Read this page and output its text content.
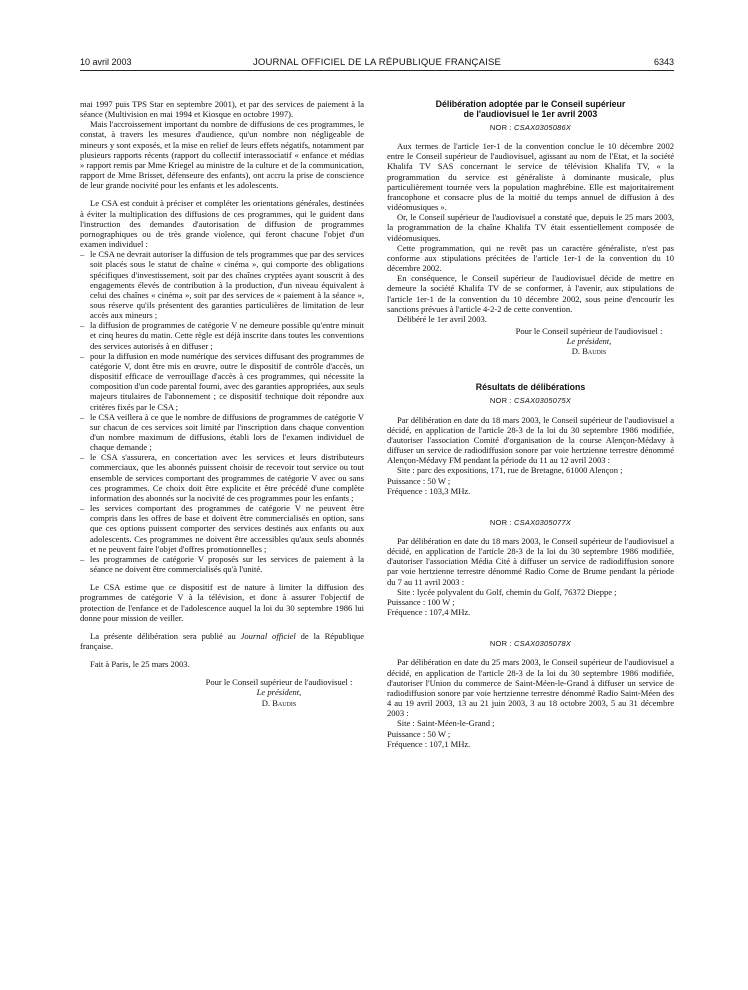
10 avril 2003	JOURNAL OFFICIEL DE LA RÉPUBLIQUE FRANÇAISE	6343

mai 1997 puis TPS Star en septembre 2001), et par des services de paiement à la séance (Multivision en mai 1994 et Kiosque en octobre 1997).

Mais l'accroissement important du nombre de diffusions de ces programmes, le constat, à travers les mesures d'audience, qu'un nombre non négligeable de mineurs y sont exposés, et la mise en relief de leurs effets négatifs, notamment par plusieurs rapports récents (rapport du collectif interassociatif « enfance et médias » rapport remis par Mme Kriegel au ministre de la culture et de la communication, rapport de Mme Brisset, défenseure des enfants), ont accru la prise de conscience de leur grande nocivité pour les enfants et les adolescents.

Le CSA est conduit à préciser et compléter les orientations générales, destinées à éviter la multiplication des diffusions de ces programmes, qui le guident dans l'instruction des demandes d'autorisation de diffusion de programmes pornographiques ou de très grande violence, qui feront chacune l'objet d'un examen individuel :

– le CSA ne devrait autoriser la diffusion de tels programmes que par des services soit placés sous le statut de chaîne « cinéma », qui comporte des obligations spécifiques d'investissement, soit par des chaînes cryptées ayant souscrit à des engagements élevés de contribution à la production, d'un niveau équivalent à celui des chaînes « cinéma », soit par des services de « paiement à la séance », sous réserve qu'ils présentent des garanties particulières de limitation de leur accès aux mineurs ;
– la diffusion de programmes de catégorie V ne demeure possible qu'entre minuit et cinq heures du matin. Cette règle est déjà inscrite dans toutes les conventions des services autorisés à en diffuser ;
– pour la diffusion en mode numérique des services diffusant des programmes de catégorie V, dont être mis en œuvre, outre le dispositif de contrôle d'accès, un dispositif efficace de verrouillage d'accès à ces programmes, qui nécessite la composition d'un code parental fourni, avec des garanties appropriées, aux seuls majeurs titulaires de l'abonnement ; ce dispositif technique doit répondre aux critères fixés par le CSA ;
– le CSA veillera à ce que le nombre de diffusions de programmes de catégorie V sur chacun de ces services soit limité par l'inscription dans chaque convention d'un nombre maximum de diffusions, établi lors de l'examen individuel de chaque demande ;
– le CSA s'assurera, en concertation avec les services et leurs distributeurs commerciaux, que les abonnés puissent choisir de recevoir tout service ou tout ensemble de services comportant des programmes de catégorie V avec ou sans ces programmes. Ce choix doit être explicite et être précédé d'une complète information des abonnés sur la nocivité de ces programmes pour les enfants ;
– les services comportant des programmes de catégorie V ne peuvent être compris dans les offres de base et doivent être commercialisés en option, sans que ces options puissent comporter des services destinés aux enfants ou aux adolescents. Ces programmes ne doivent être accessibles qu'aux seuls abonnés et ne peuvent faire l'objet d'offres promotionnelles ;
– les programmes de catégorie V proposés sur les services de paiement à la séance ne doivent être commercialisés qu'à l'unité.

Le CSA estime que ce dispositif est de nature à limiter la diffusion des programmes de catégorie V à la télévision, et donc à assurer l'objectif de protection de l'enfance et de l'adolescence auquel la loi du 30 septembre 1986 lui donne pour mission de veiller.

La présente délibération sera publié au Journal officiel de la République française.

Fait à Paris, le 25 mars 2003.

Pour le Conseil supérieur de l'audiovisuel :
Le président,
D. Baudis
Délibération adoptée par le Conseil supérieur
de l'audiovisuel le 1er avril 2003
NOR : CSAX0305086X

Aux termes de l'article 1er-1 de la convention conclue le 10 décembre 2002 entre le Conseil supérieur de l'audiovisuel, agissant au nom de l'Etat, et la société Khalifa TV SAS concernant le service de télévision Khalifa TV, « la programmation du service est généraliste à dominante musicale, plus particulièrement tournée vers la population maghrébine. Elle est majoritairement francophone et consacre plus de la moitié du temps annuel de diffusion à des vidéomusiques ».

Or, le Conseil supérieur de l'audiovisuel a constaté que, depuis le 25 mars 2003, la programmation de la chaîne Khalifa TV était essentiellement composée de vidéomusiques.

Cette programmation, qui ne revêt pas un caractère généraliste, n'est pas conforme aux stipulations précitées de l'article 1er-1 de la convention du 10 décembre 2002.

En conséquence, le Conseil supérieur de l'audiovisuel décide de mettre en demeure la société Khalifa TV de se conformer, à l'avenir, aux stipulations de l'article 1er-1 de la convention du 10 décembre 2002, sous peine d'encourir les sanctions prévues à l'article 4-2-2 de cette convention.

Délibéré le 1er avril 2003.

Pour le Conseil supérieur de l'audiovisuel :
Le président,
D. Baudis
Résultats de délibérations
NOR : CSAX0305075X

Par délibération en date du 18 mars 2003, le Conseil supérieur de l'audiovisuel a décidé, en application de l'article 28-3 de la loi du 30 septembre 1986 modifiée, d'autoriser l'association Comité d'organisation de la course Alençon-Médavy à diffuser un service de radiodiffusion sonore par voie hertzienne terrestre dénommé Alençon-Médavy FM pendant la période du 11 au 12 avril 2003 :

Site : parc des expositions, 171, rue de Bretagne, 61000 Alençon ;

Puissance : 50 W ;

Fréquence : 103,3 MHz.

NOR : CSAX0305077X

Par délibération en date du 18 mars 2003, le Conseil supérieur de l'audiovisuel a décidé, en application de l'article 28-3 de la loi du 30 septembre 1986 modifiée, d'autoriser l'association Média Cité à diffuser un service de radiodiffusion sonore par voie hertzienne terrestre dénommé Radio Corne de Brume pendant la période du 7 au 11 avril 2003 :

Site : lycée polyvalent du Golf, chemin du Golf, 76372 Dieppe ;

Puissance : 100 W ;

Fréquence : 107,4 MHz.

NOR : CSAX0305078X

Par délibération en date du 25 mars 2003, le Conseil supérieur de l'audiovisuel a décidé, en application de l'article 28-3 de la loi du 30 septembre 1986 modifiée, d'autoriser l'Union du commerce de Saint-Méen-le-Grand à diffuser un service de radiodiffusion sonore par voie hertzienne terrestre dénommé Radio Saint-Méen des 4 au 19 avril 2003, 13 au 21 juin 2003, 3 au 18 octobre 2003, 5 au 31 décembre 2003 :

Site : Saint-Méen-le-Grand ;

Puissance : 50 W ;

Fréquence : 107,1 MHz.
